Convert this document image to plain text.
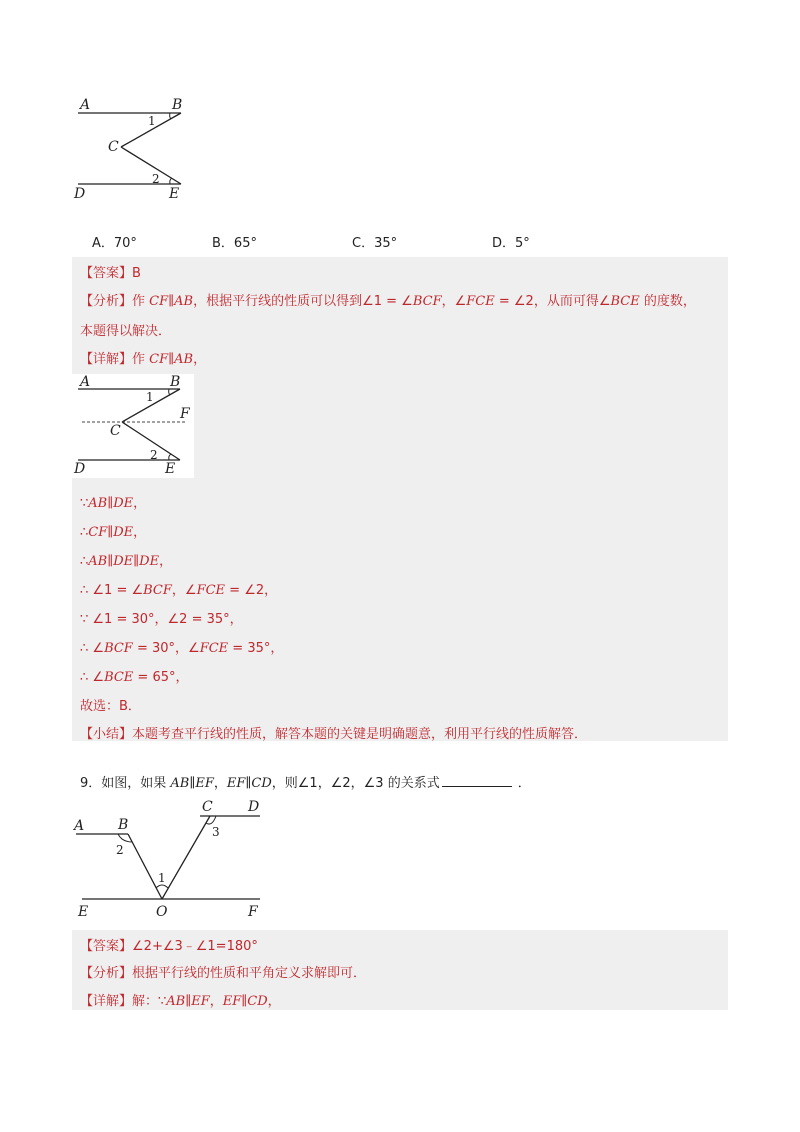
A	B
C
D	E
1
2
A．70°	B．65°	C．35°	D．5°
【答案】B
【分析】作 CF∥AB，根据平行线的性质可以得到∠1 = ∠BCF，∠FCE = ∠2，从而可得∠BCE 的度数，
本题得以解决．
【详解】作 CF∥AB，
A	B
C
D	E
F
1
2
∵AB∥DE，
∴CF∥DE，
∴AB∥DE∥DE，
∴ ∠1 = ∠BCF，∠FCE = ∠2，
∵ ∠1 = 30°，∠2 = 35°，
∴ ∠BCF = 30°，∠FCE = 35°，
∴ ∠BCE = 65°，
故选：B．
【小结】本题考查平行线的性质，解答本题的关键是明确题意，利用平行线的性质解答．
9．如图，如果 AB∥EF，EF∥CD，则∠1，∠2，∠3 的关系式	．
A B
C	D
E	O	F
1
2
3
【答案】∠2+∠3﹣∠1=180°
【分析】根据平行线的性质和平角定义求解即可．
【详解】解：∵AB∥EF，EF∥CD，
